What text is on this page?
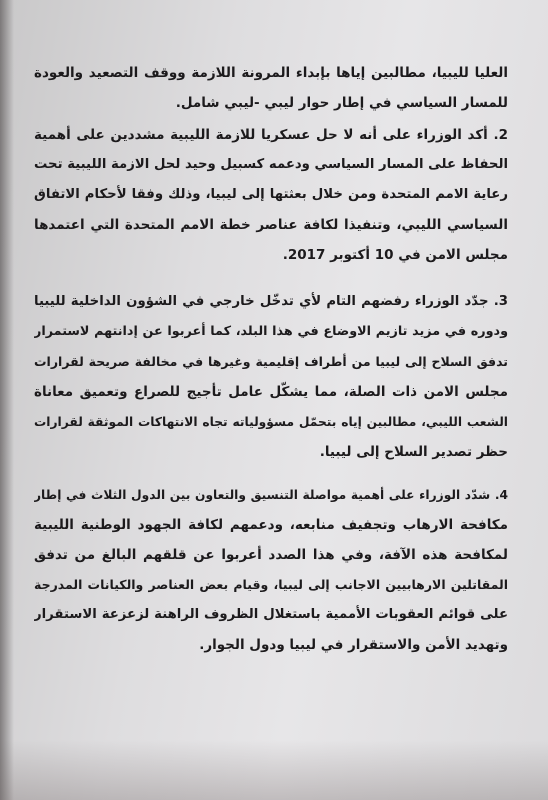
العليا لليبيا، مطالبين إياها بإبداء المرونة اللازمة ووقف التصعيد والعودة
للمسار السياسي في إطار حوار ليبي -ليبي شامل.
2. أكد الوزراء على أنه لا حل عسكريا للازمة الليبية مشددين على أهمية
الحفاظ على المسار السياسي ودعمه كسبيل وحيد لحل الازمة الليبية تحت
رعاية الامم المتحدة ومن خلال بعثتها إلى ليبيا، وذلك وفقا لأحكام الاتفاق
السياسي الليبي، وتنفيذا لكافة عناصر خطة الامم المتحدة التي اعتمدها
مجلس الامن في 10 أكتوبر 2017.
3. جدّد الوزراء رفضهم التام لأي تدخّل خارجي في الشؤون الداخلية لليبيا
ودوره في مزيد تازيم الاوضاع في هذا البلد، كما أعربوا عن إدانتهم لاستمرار
تدفق السلاح إلى ليبيا من أطراف إقليمية وغيرها في مخالفة صريحة لقرارات
مجلس الامن ذات الصلة، مما يشكّل عامل تأجيج للصراع وتعميق معاناة
الشعب الليبي، مطالبين إياه بتحمّل مسؤولياته تجاه الانتهاكات الموثقة لقرارات
حظر تصدير السلاح إلى ليبيا.
4. شدّد الوزراء على أهمية مواصلة التنسيق والتعاون بين الدول الثلاث في إطار
مكافحة الارهاب وتجفيف منابعه، ودعمهم لكافة الجهود الوطنية الليبية
لمكافحة هذه الآفة، وفي هذا الصدد أعربوا عن قلقهم البالغ من تدفق
المقاتلين الارهابيين الاجانب إلى ليبيا، وقيام بعض العناصر والكيانات المدرجة
على قوائم العقوبات الأممية باستغلال الظروف الراهنة لزعزعة الاستقرار
وتهديد الأمن والاستقرار في ليبيا ودول الجوار.
